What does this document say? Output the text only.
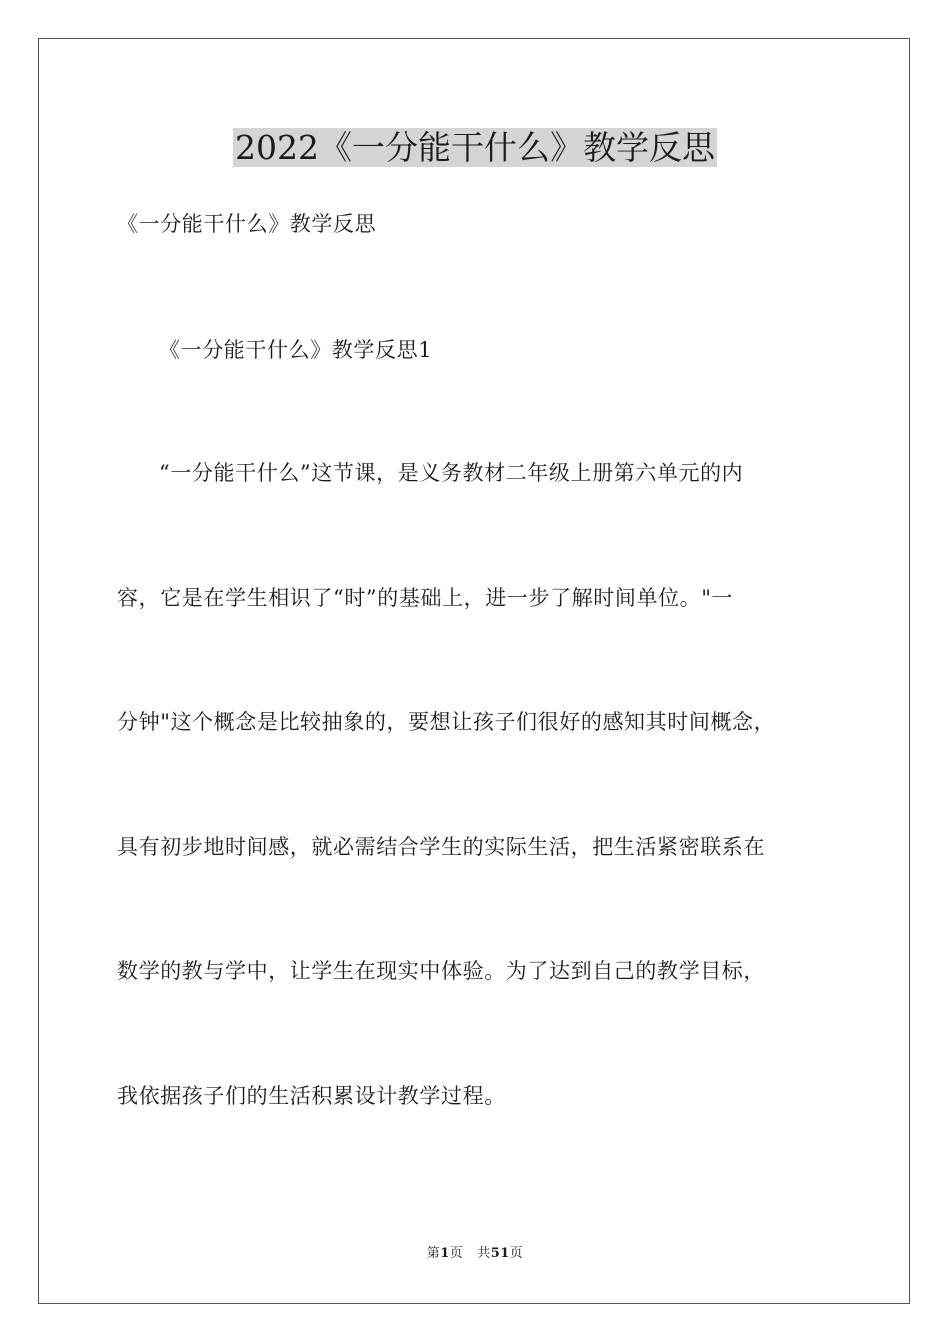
2022《一分能干什么》教学反思
《一分能干什么》教学反思
《一分能干什么》教学反思1
“一分能干什么”这节课，是义务教材二年级上册第六单元的内
容，它是在学生相识了“时”的基础上，进一步了解时间单位。"一
分钟"这个概念是比较抽象的，要想让孩子们很好的感知其时间概念，
具有初步地时间感，就必需结合学生的实际生活，把生活紧密联系在
数学的教与学中，让学生在现实中体验。为了达到自己的教学目标，
我依据孩子们的生活积累设计教学过程。
第1页 共51页
